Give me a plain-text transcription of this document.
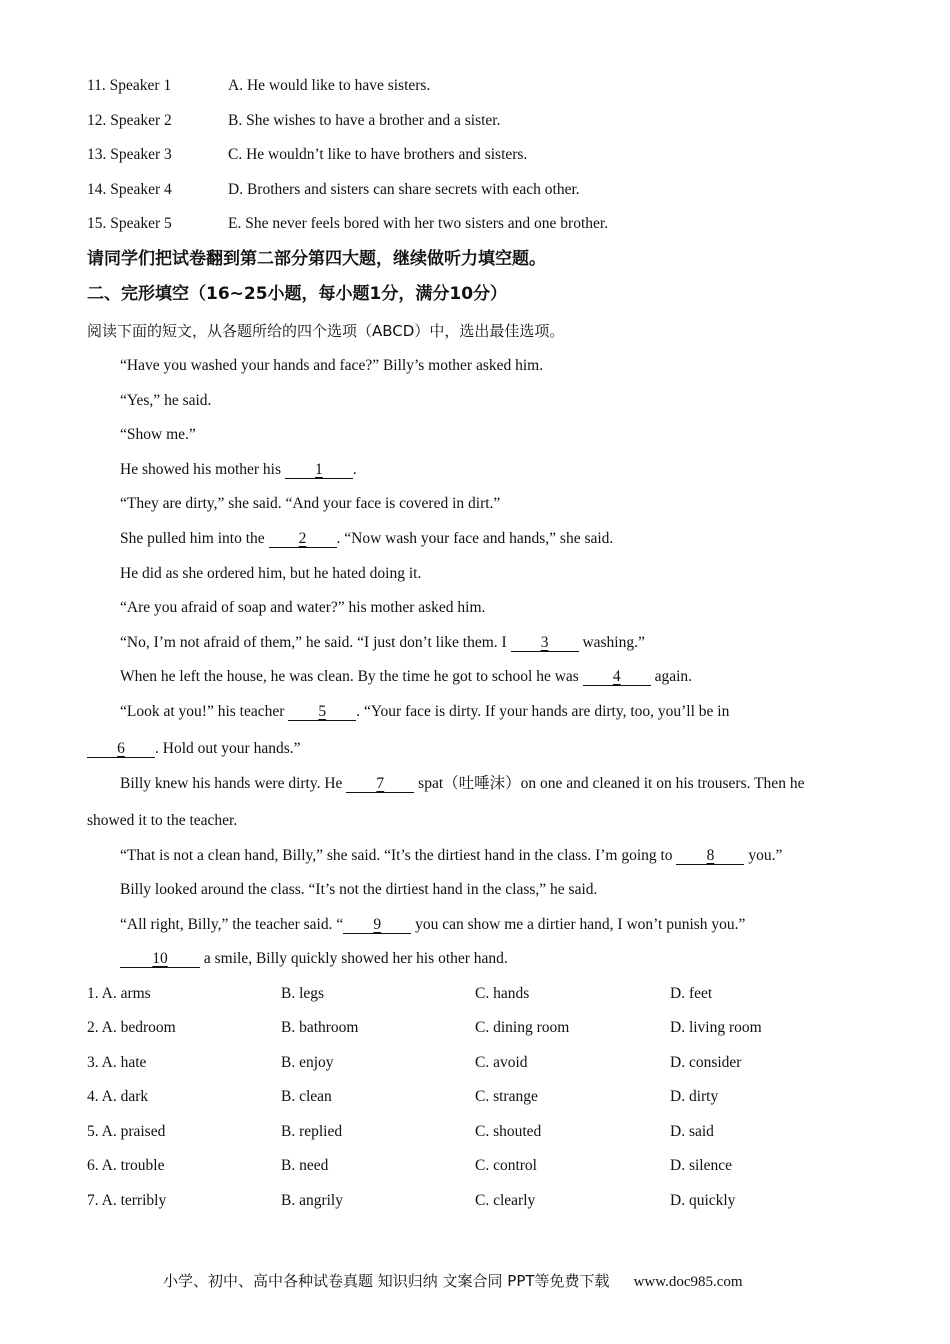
11. Speaker 1	A. He would like to have sisters.
12. Speaker 2	B. She wishes to have a brother and a sister.
13. Speaker 3	C. He wouldn’t like to have brothers and sisters.
14. Speaker 4	D. Brothers and sisters can share secrets with each other.
15. Speaker 5	E. She never feels bored with her two sisters and one brother.
请同学们把试卷翻到第二部分第四大题，继续做听力填空题。
二、完形填空（16~25小题，每小题1分，满分10分）
阅读下面的短文，从各题所给的四个选项（ABCD）中，选出最佳选项。
“Have you washed your hands and face?” Billy’s mother asked him.
“Yes,” he said.
“Show me.”
He showed his mother his 1 .
“They are dirty,” she said. “And your face is covered in dirt.”
She pulled him into the 2 . “Now wash your face and hands,” she said.
He did as she ordered him, but he hated doing it.
“Are you afraid of soap and water?” his mother asked him.
“No, I’m not afraid of them,” he said. “I just don’t like them. I 3 washing.”
When he left the house, he was clean. By the time he got to school he was 4 again.
“Look at you!” his teacher 5 . “Your face is dirty. If your hands are dirty, too, you’ll be in
6 . Hold out your hands.”
Billy knew his hands were dirty. He 7 spat（吐唾沫）on one and cleaned it on his trousers. Then he
showed it to the teacher.
“That is not a clean hand, Billy,” she said. “It’s the dirtiest hand in the class. I’m going to 8 you.”
Billy looked around the class. “It’s not the dirtiest hand in the class,” he said.
“All right, Billy,” the teacher said. “ 9 you can show me a dirtier hand, I won’t punish you.”
10 a smile, Billy quickly showed her his other hand.
1. A. arms	B. legs	C. hands	D. feet
2. A. bedroom	B. bathroom	C. dining room	D. living room
3. A. hate	B. enjoy	C. avoid	D. consider
4. A. dark	B. clean	C. strange	D. dirty
5. A. praised	B. replied	C. shouted	D. said
6. A. trouble	B. need	C. control	D. silence
7. A. terribly	B. angrily	C. clearly	D. quickly
小学、初中、高中各种试卷真题 知识归纳 文案合同 PPT等免费下载 www.doc985.com
